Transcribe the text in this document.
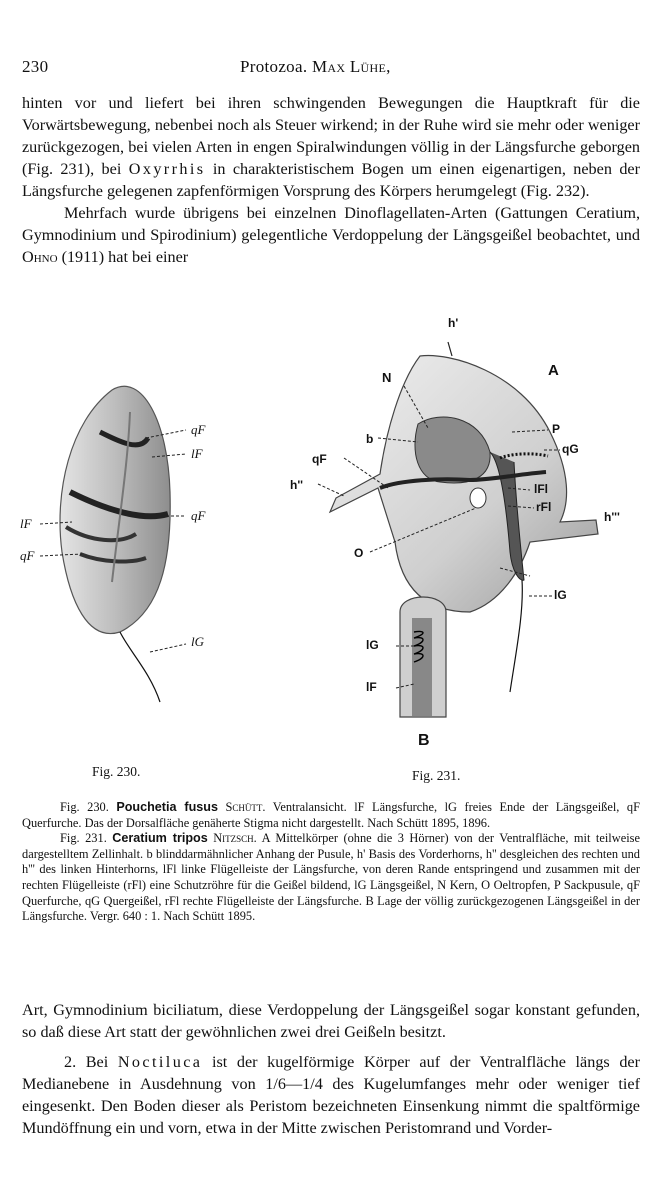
230	Protozoa. Max Lühe,

hinten vor und liefert bei ihren schwingenden Bewegungen die Hauptkraft für die Vorwärtsbewegung, nebenbei noch als Steuer wirkend; in der Ruhe wird sie mehr oder weniger zurückgezogen, bei vielen Arten in engen Spiralwindungen völlig in der Längsfurche geborgen (Fig. 231), bei Oxyrrhis in charakteristischem Bogen um einen eigenartigen, neben der Längsfurche gelegenen zapfenförmigen Vorsprung des Körpers herumgelegt (Fig. 232).

Mehrfach wurde übrigens bei einzelnen Dinoflagellaten-Arten (Gattungen Ceratium, Gymnodinium und Spirodinium) gelegentliche Verdoppelung der Längsgeißel beobachtet, und Ohno (1911) hat bei einer

qF
lF
qF
lF
qF
lG
h'
N	A
b
P
qG
qF
h''	lFl
rFl
h'''
O
lG
lG
lF
B
Fig. 230.	Fig. 231.

Fig. 230. Pouchetia fusus Schütt. Ventralansicht. lF Längsfurche, lG freies Ende der Längsgeißel, qF Querfurche. Das der Dorsalfläche genäherte Stigma nicht dargestellt. Nach Schütt 1895, 1896.

Fig. 231. Ceratium tripos Nitzsch. A Mittelkörper (ohne die 3 Hörner) von der Ventralfläche, mit teilweise dargestelltem Zellinhalt. b blinddarmähnlicher Anhang der Pusule, h' Basis des Vorderhorns, h'' desgleichen des rechten und h''' des linken Hinterhorns, lFl linke Flügelleiste der Längsfurche, von deren Rande entspringend und zusammen mit der rechten Flügelleiste (rFl) eine Schutzröhre für die Geißel bildend, lG Längsgeißel, N Kern, O Oeltropfen, P Sackpusule, qF Querfurche, qG Quergeißel, rFl rechte Flügelleiste der Längsfurche. B Lage der völlig zurückgezogenen Längsgeißel in der Längsfurche. Vergr. 640 : 1. Nach Schütt 1895.

Art, Gymnodinium biciliatum, diese Verdoppelung der Längsgeißel sogar konstant gefunden, so daß diese Art statt der gewöhnlichen zwei drei Geißeln besitzt.

2. Bei Noctiluca ist der kugelförmige Körper auf der Ventralfläche längs der Medianebene in Ausdehnung von 1/6—1/4 des Kugelumfanges mehr oder weniger tief eingesenkt. Den Boden dieser als Peristom bezeichneten Einsenkung nimmt die spaltförmige Mundöffnung ein und vorn, etwa in der Mitte zwischen Peristomrand und Vorder-
